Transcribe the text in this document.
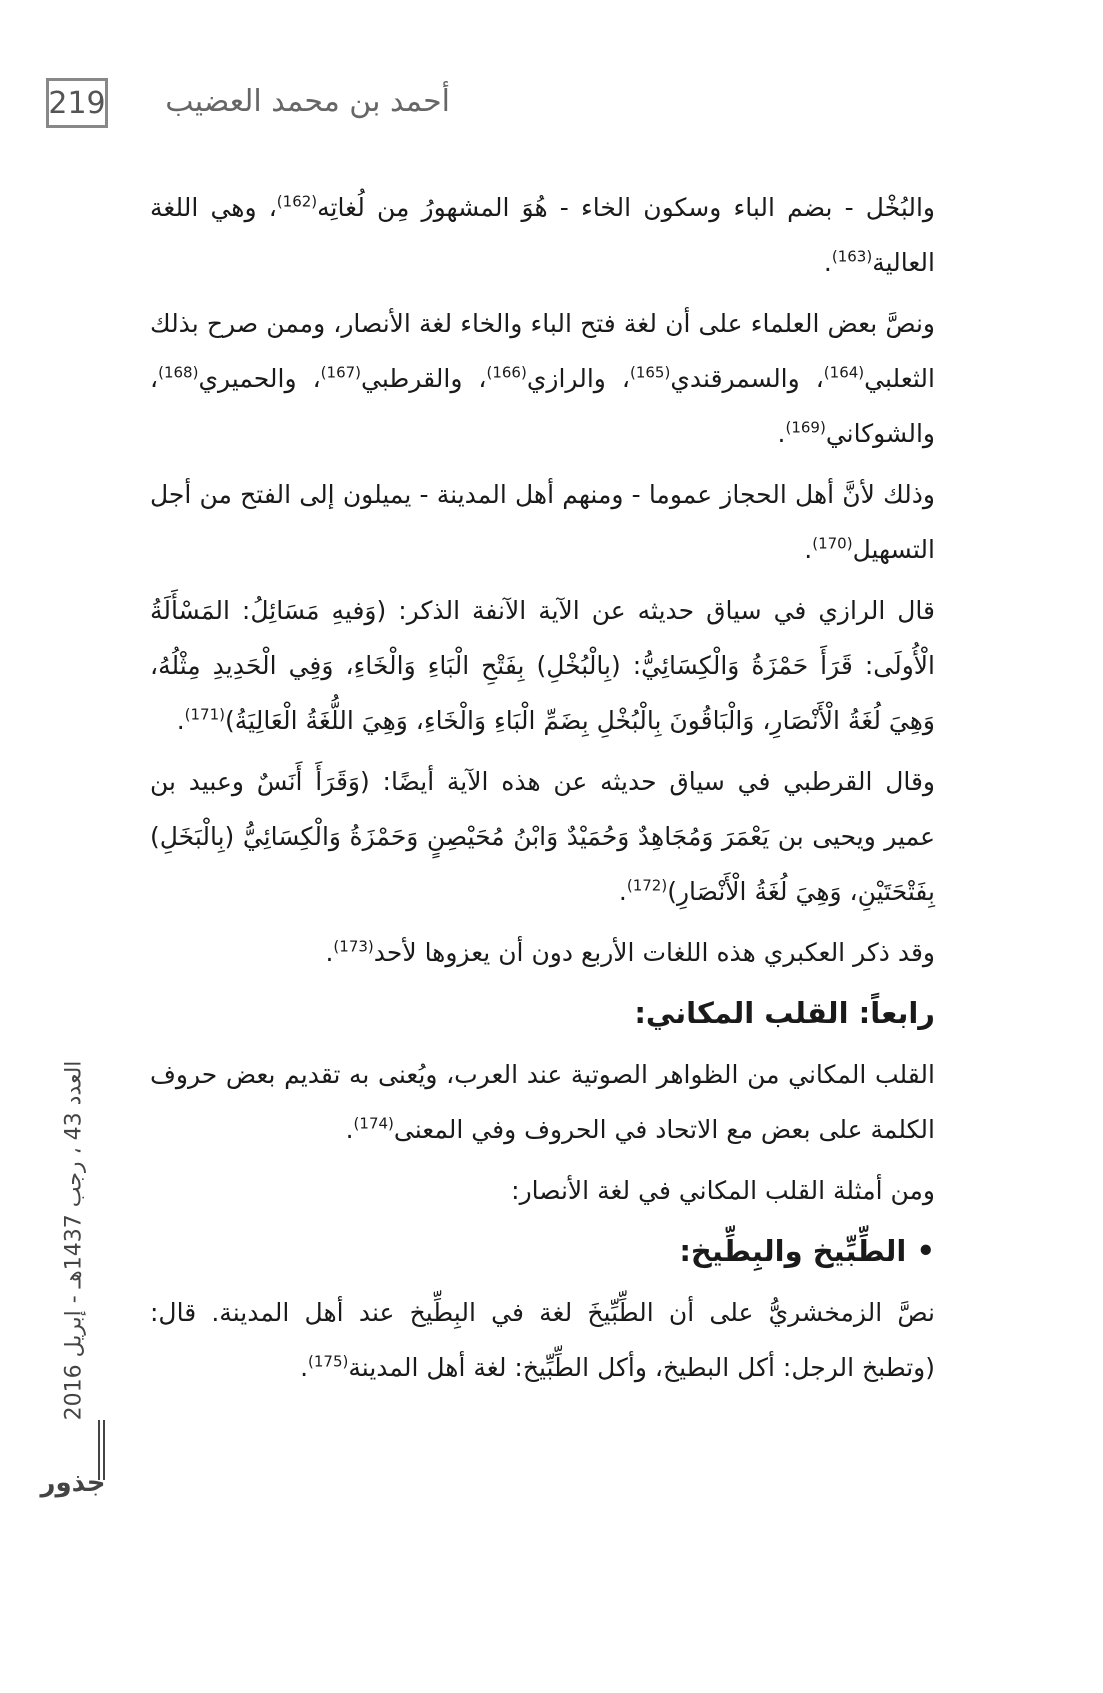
219	أحمد بن محمد العضيب

والبُخْل - بضم الباء وسكون الخاء - هُوَ المشهورُ مِن لُغاتِه$^{(162)}$، وهي اللغة العالية$^{(163)}$.

ونصَّ بعض العلماء على أن لغة فتح الباء والخاء لغة الأنصار، وممن صرح بذلك الثعلبي$^{(164)}$، والسمرقندي$^{(165)}$، والرازي$^{(166)}$، والقرطبي$^{(167)}$، والحميري$^{(168)}$، والشوكاني$^{(169)}$.

وذلك لأنَّ أهل الحجاز عموما - ومنهم أهل المدينة - يميلون إلى الفتح من أجل التسهيل$^{(170)}$.

قال الرازي في سياق حديثه عن الآية الآنفة الذكر: (وَفيهِ مَسَائِلُ: المَسْأَلَةُ الْأُولَى: قَرَأَ حَمْزَةُ وَالْكِسَائِيُّ: (بِالْبُخْلِ) بِفَتْحِ الْبَاءِ وَالْخَاءِ، وَفِي الْحَدِيدِ مِثْلُهُ، وَهِيَ لُغَةُ الْأَنْصَارِ، وَالْبَاقُونَ بِالْبُخْلِ بِضَمِّ الْبَاءِ وَالْخَاءِ، وَهِيَ اللُّغَةُ الْعَالِيَةُ)$^{(171)}$.

وقال القرطبي في سياق حديثه عن هذه الآية أيضًا: (وَقَرَأَ أَنَسٌ وعبيد بن عمير ويحيى بن يَعْمَرَ وَمُجَاهِدٌ وَحُمَيْدٌ وَابْنُ مُحَيْصِنٍ وَحَمْزَةُ وَالْكِسَائِيُّ (بِالْبَخَلِ) بِفَتْحَتَيْنِ، وَهِيَ لُغَةُ الْأَنْصَارِ)$^{(172)}$.

وقد ذكر العكبري هذه اللغات الأربع دون أن يعزوها لأحد$^{(173)}$.

رابعاً: القلب المكاني:

القلب المكاني من الظواهر الصوتية عند العرب، ويُعنى به تقديم بعض حروف الكلمة على بعض مع الاتحاد في الحروف وفي المعنى$^{(174)}$.

ومن أمثلة القلب المكاني في لغة الأنصار:

• الطِّبِّيخ والبِطِّيخ:

نصَّ الزمخشريُّ على أن الطِّبِّيخَ لغة في البِطِّيخ عند أهل المدينة. قال: (وتطبخ الرجل: أكل البطيخ، وأكل الطِّبِّيخ: لغة أهل المدينة$^{(175)}$.

العدد 43 ، رجب 1437هـ - إبريل 2016
جذور
